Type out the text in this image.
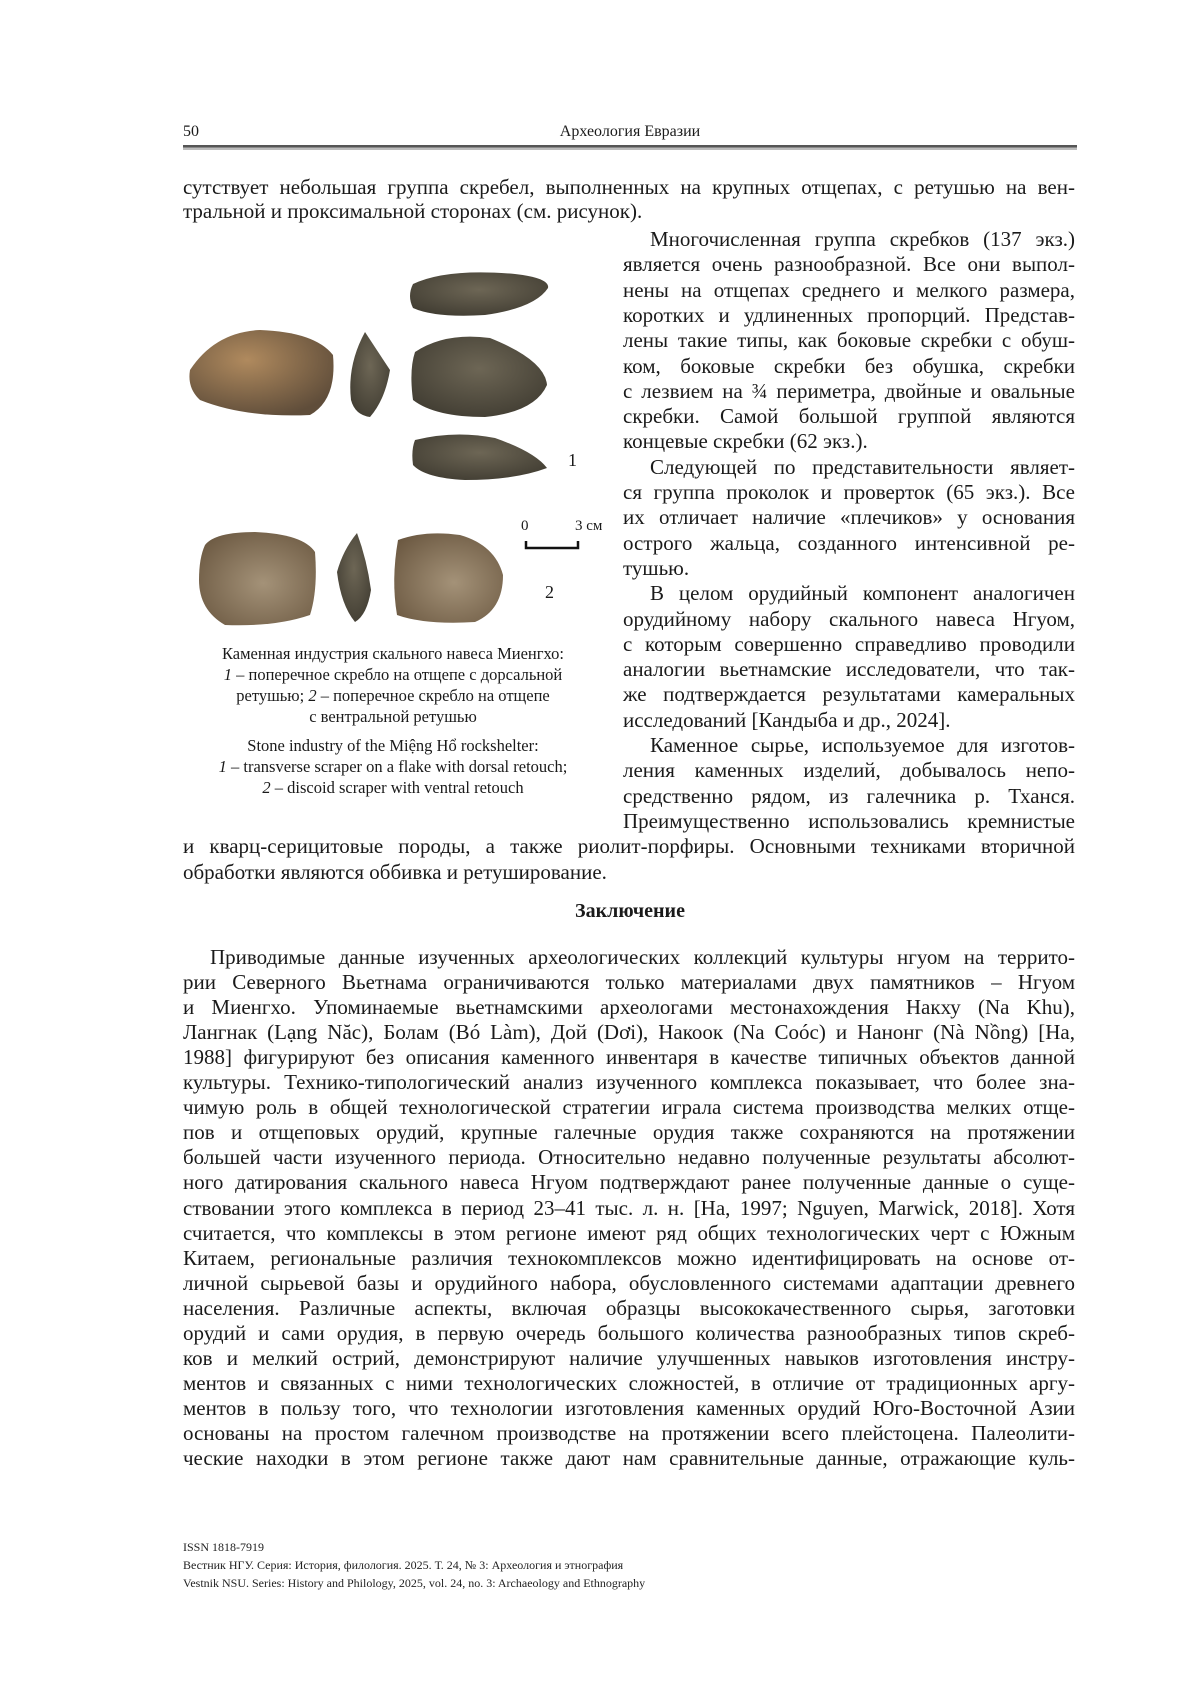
50	Археология Евразии
сутствует небольшая группа скребел, выполненных на крупных отщепах, с ретушью на вен-
тральной и проксимальной сторонах (см. рисунок).
Многочисленная группа скребков (137 экз.)
является очень разнообразной. Все они выпол-
нены на отщепах среднего и мелкого размера,
коротких и удлиненных пропорций. Представ-
лены такие типы, как боковые скребки с обуш-
ком, боковые скребки без обушка, скребки
с лезвием на ¾ периметра, двойные и овальные
скребки. Самой большой группой являются
концевые скребки (62 экз.).
Следующей по представительности являет-
ся группа проколок и проверток (65 экз.). Все
их отличает наличие «плечиков» у основания
острого жальца, созданного интенсивной ре-
тушью.
В целом орудийный компонент аналогичен
орудийному набору скального навеса Нгуом,
с которым совершенно справедливо проводили
аналогии вьетнамские исследователи, что так-
же подтверждается результатами камеральных
исследований [Кандыба и др., 2024].
Каменное сырье, используемое для изготов-
ления каменных изделий, добывалось непо-
средственно рядом, из галечника р. Тханся.
Преимущественно использовались кремнистые
и кварц-серицитовые породы, а также риолит-порфиры. Основными техниками вторичной
обработки являются оббивка и ретуширование.
Приводимые данные изученных археологических коллекций культуры нгуом на террито-
рии Северного Вьетнама ограничиваются только материалами двух памятников – Нгуом
и Миенгхо. Упоминаемые вьетнамскими археологами местонахождения Накху (Na Khu),
Лангнак (Lạng Năc), Болам (Bó Làm), Дой (Dơi), Накоок (Na Coóc) и Нанонг (Nà Nồng) [Ha,
1988] фигурируют без описания каменного инвентаря в качестве типичных объектов данной
культуры. Технико-типологический анализ изученного комплекса показывает, что более зна-
чимую роль в общей технологической стратегии играла система производства мелких отще-
пов и отщеповых орудий, крупные галечные орудия также сохраняются на протяжении
большей части изученного периода. Относительно недавно полученные результаты абсолют-
ного датирования скального навеса Нгуом подтверждают ранее полученные данные о суще-
ствовании этого комплекса в период 23–41 тыс. л. н. [Ha, 1997; Nguyen, Marwick, 2018]. Хотя
считается, что комплексы в этом регионе имеют ряд общих технологических черт с Южным
Китаем, региональные различия технокомплексов можно идентифицировать на основе от-
личной сырьевой базы и орудийного набора, обусловленного системами адаптации древнего
населения. Различные аспекты, включая образцы высококачественного сырья, заготовки
орудий и сами орудия, в первую очередь большого количества разнообразных типов скреб-
ков и мелкий острий, демонстрируют наличие улучшенных навыков изготовления инстру-
ментов и связанных с ними технологических сложностей, в отличие от традиционных аргу-
ментов в пользу того, что технологии изготовления каменных орудий Юго-Восточной Азии
основаны на простом галечном производстве на протяжении всего плейстоцена. Палеолити-
ческие находки в этом регионе также дают нам сравнительные данные, отражающие куль-
Заключение
1
2
0	3 см
Каменная индустрия скального навеса Миенгхо:
1 – поперечное скребло на отщепе с дорсальной
ретушью; 2 – поперечное скребло на отщепе
с вентральной ретушью
Stone industry of the Miệng Hổ rockshelter:
1 – transverse scraper on a flake with dorsal retouch;
2 – discoid scraper with ventral retouch
ISSN 1818-7919
Вестник НГУ. Серия: История, филология. 2025. Т. 24, № 3: Археология и этнография
Vestnik NSU. Series: History and Philology, 2025, vol. 24, no. 3: Archaeology and Ethnography
